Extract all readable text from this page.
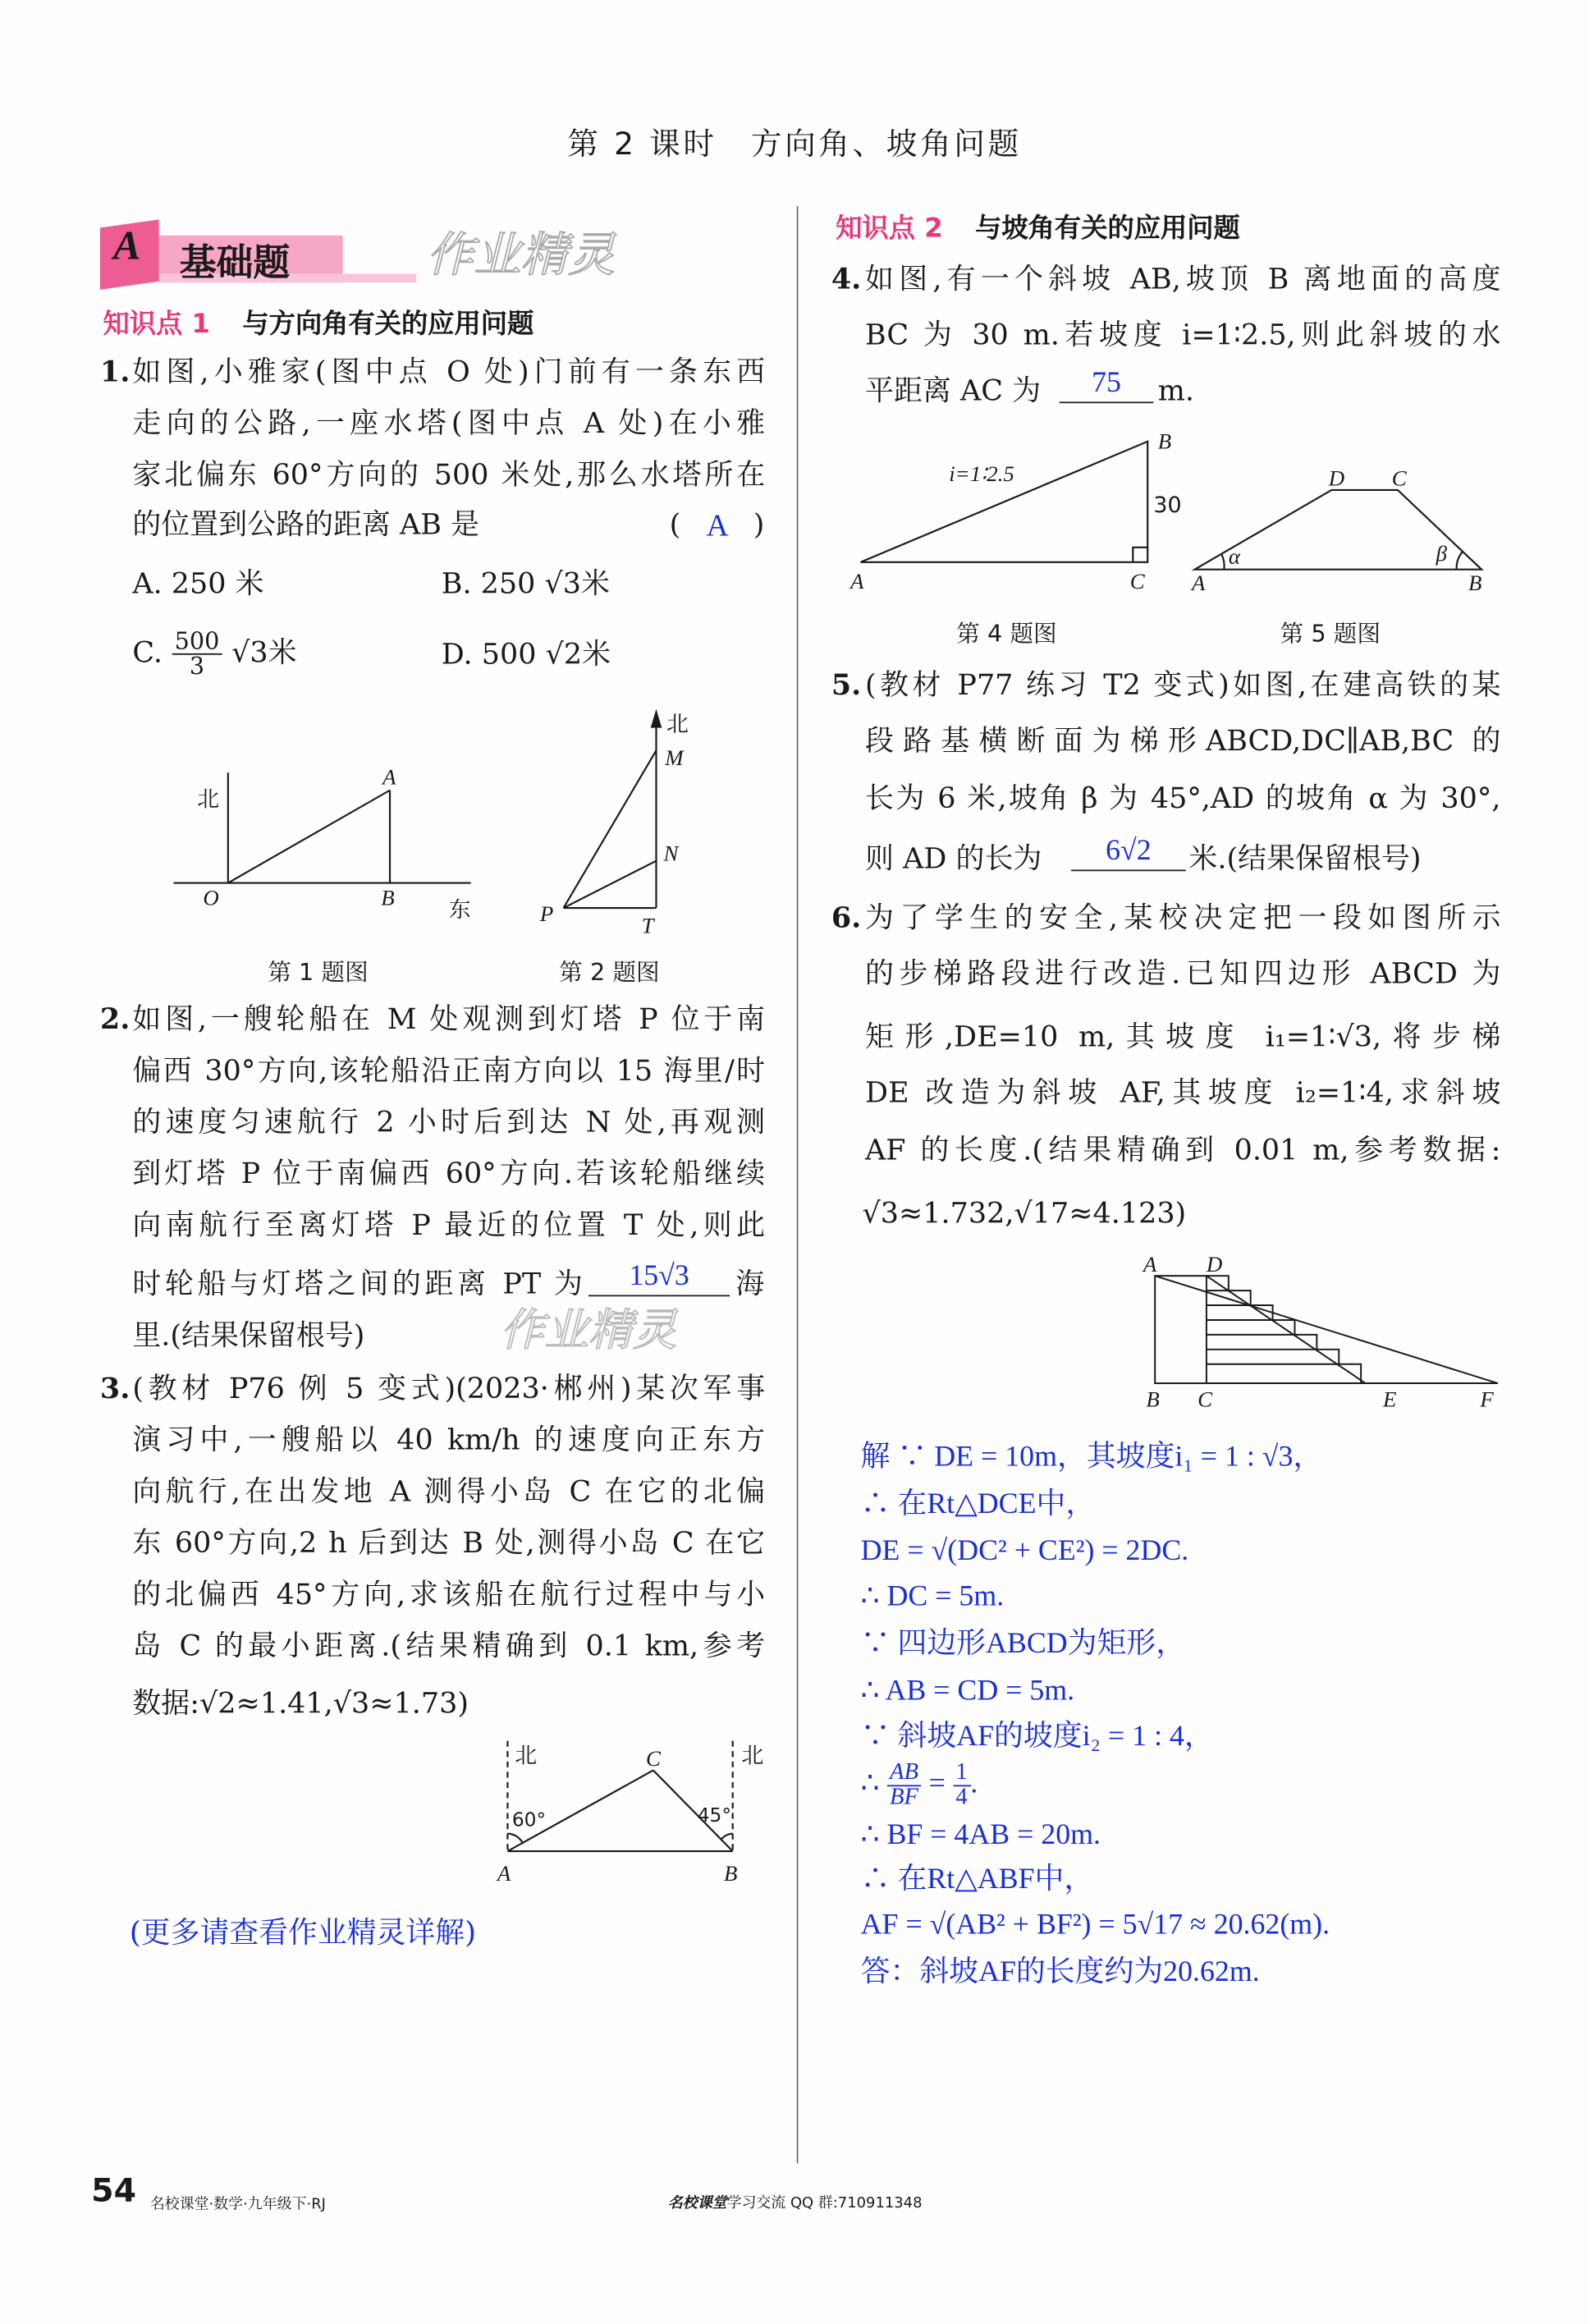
第 2 课时　方向角、坡角问题
A 基础题	作业精灵
知识点 1 与方向角有关的应用问题
1. 如图,小雅家(图中点 O 处)门前有一条东西
走向的公路,一座水塔(图中点 A 处)在小雅
家北偏东 60°方向的 500 米处,那么水塔所在
的位置到公路的距离 AB 是	( A )
A. 250 米	B. 250 √3米
C. $\frac{500}{3} √3$米	D. 500 √2米
北
A
O	B	东
北
M
N
P	T
北	北
C
60°	45°
A	B
i=1∶2.5
B
30
A	C
D	C
α	β
A	B
A	D
B	C	E	F
第 1 题图	第 2 题图
2. 如图,一艘轮船在 M 处观测到灯塔 P 位于南
偏西 30°方向,该轮船沿正南方向以 15 海里/时
的速度匀速航行 2 小时后到达 N 处,再观测
到灯塔 P 位于南偏西 60°方向.若该轮船继续
向南航行至离灯塔 P 最近的位置 T 处,则此
时轮船与灯塔之间的距离 PT 为	15√3	海
里.(结果保留根号)	作业精灵
3. (教材 P76 例 5 变式)(2023·郴州)某次军事
演习中,一艘船以 40 km/h 的速度向正东方
向航行,在出发地 A 测得小岛 C 在它的北偏
东 60°方向,2 h 后到达 B 处,测得小岛 C 在它
的北偏西 45°方向,求该船在航行过程中与小
岛 C 的最小距离.(结果精确到 0.1 km,参考
数据:√2≈1.41,√3≈1.73)
(更多请查看作业精灵详解)
知识点 2 与坡角有关的应用问题
4. 如图,有一个斜坡 AB,坡顶 B 离地面的高度
BC 为 30 m.若坡度 i=1∶2.5,则此斜坡的水
平距离 AC 为	75	m.
第 4 题图	第 5 题图
5. (教材 P77 练习 T2 变式)如图,在建高铁的某
段路基横断面为梯形ABCD,DC∥AB,BC 的
长为 6 米,坡角 β 为 45°,AD 的坡角 α 为 30°,
则 AD 的长为	6√2	米.(结果保留根号)
6. 为了学生的安全,某校决定把一段如图所示
的步梯路段进行改造.已知四边形 ABCD 为
矩形,DE=10 m,其坡度 i₁=1∶√3,将步梯
DE 改造为斜坡 AF,其坡度 i₂=1∶4,求斜坡
AF 的长度.(结果精确到 0.01 m,参考数据:
√3≈1.732,√17≈4.123)
解 ∵ DE = 10m，其坡度i₁ = 1 : √3，
∴ 在Rt△DCE中，
DE = √(DC² + CE²) = 2DC.
∴ DC = 5m.
∵ 四边形ABCD为矩形，
∴ AB = CD = 5m.
∵ 斜坡AF的坡度i₂ = 1 : 4，
∴ $\frac{AB}{BF} = \frac{1}{4}$ .
∴ BF = 4AB = 20m.
∴ 在Rt△ABF中，
AF = √(AB² + BF²) = 5√17 ≈ 20.62(m).
答：斜坡AF的长度约为20.62m.
54 名校课堂·数学·九年级下·RJ	名校课堂学习交流 QQ 群:710911348
